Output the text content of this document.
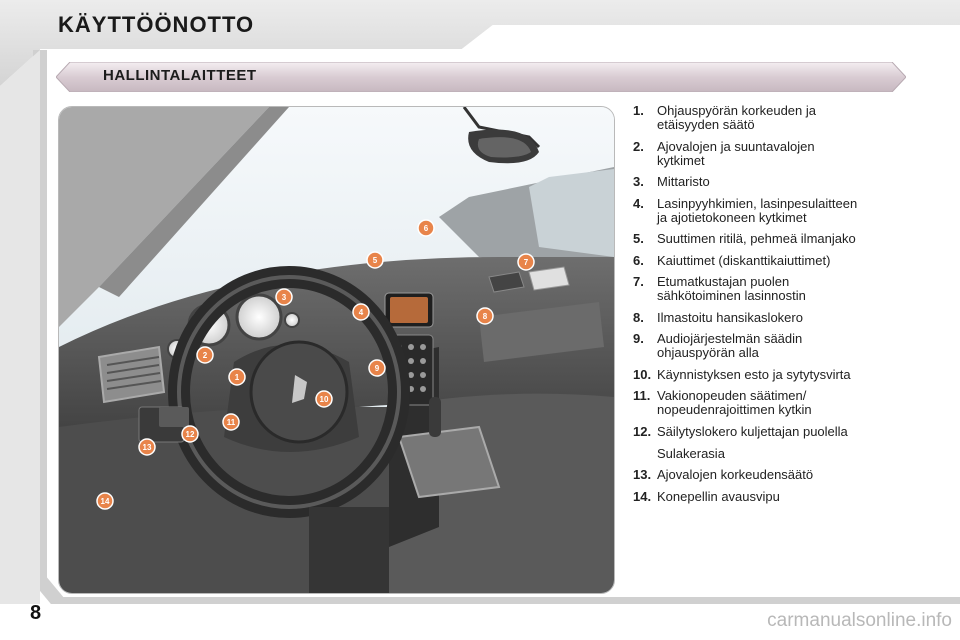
KÄYTTÖÖNOTTO
HALLINTALAITTEET
1
2
3
4
5
6
7
8
9
10
11
12
13
14
1. Ohjauspyörän korkeuden ja
etäisyyden säätö
2. Ajovalojen ja suuntavalojen
kytkimet
3. Mittaristo
4. Lasinpyyhkimien, lasinpesulaitteen
ja ajotietokoneen kytkimet
5. Suuttimen ritilä, pehmeä ilmanjako
6. Kaiuttimet (diskanttikaiuttimet)
7. Etumatkustajan puolen
sähkötoiminen lasinnostin
8. Ilmastoitu hansikaslokero
9. Audiojärjestelmän säädin
ohjauspyörän alla
10. Käynnistyksen esto ja sytytysvirta
11. Vakionopeuden säätimen/
nopeudenrajoittimen kytkin
12. Säilytyslokero kuljettajan puolella
Sulakerasia
13. Ajovalojen korkeudensäätö
14. Konepellin avausvipu
8	carmanualsonline.info
